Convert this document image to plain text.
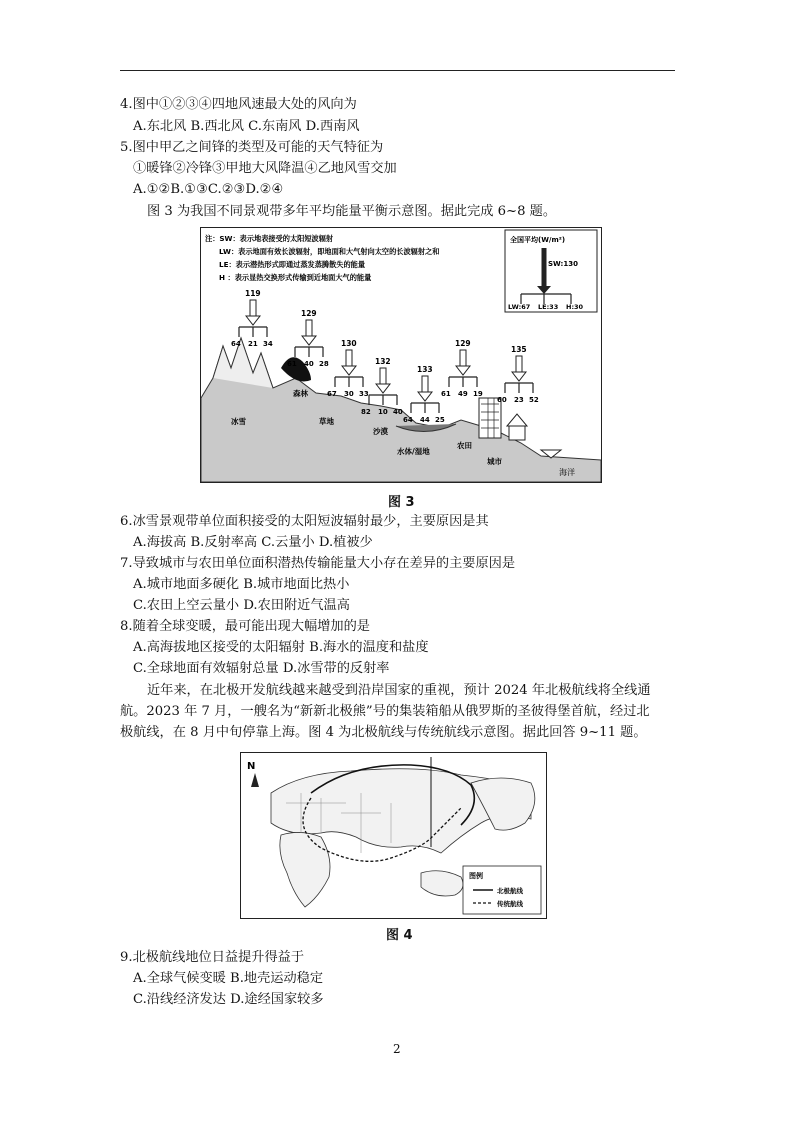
4.图中①②③④四地风速最大处的风向为
A.东北风 B.西北风 C.东南风 D.西南风
5.图中甲乙之间锋的类型及可能的天气特征为
①暖锋②冷锋③甲地大风降温④乙地风雪交加
A.①②B.①③C.②③D.②④
图 3 为我国不同景观带多年平均能量平衡示意图。据此完成 6~8 题。
注：SW：表示地表接受的太阳短波辐射
LW：表示地面有效长波辐射，即地面和大气射向太空的长波辐射之和
LE：表示潜热形式即通过蒸发蒸腾散失的能量
H ：表示显热交换形式传输到近地面大气的能量
全国平均(W/m²)
SW:130
LW:67 LE:33 H:30
海洋
119
64 21 34
冰雪
129
61 40 28
森林
130
67 30 33
草地
132
82 10 40
沙漠
133
64 44 25
水体/湿地
129
61 49 19
农田
135
60 23 52
城市
图 3
6.冰雪景观带单位面积接受的太阳短波辐射最少，主要原因是其
A.海拔高 B.反射率高 C.云量小 D.植被少
7.导致城市与农田单位面积潜热传输能量大小存在差异的主要原因是
A.城市地面多硬化 B.城市地面比热小
C.农田上空云量小 D.农田附近气温高
8.随着全球变暖，最可能出现大幅增加的是
A.高海拔地区接受的太阳辐射 B.海水的温度和盐度
C.全球地面有效辐射总量 D.冰雪带的反射率
近年来，在北极开发航线越来越受到沿岸国家的重视，预计 2024 年北极航线将全线通
航。2023 年 7 月，一艘名为“新新北极熊”号的集装箱船从俄罗斯的圣彼得堡首航，经过北
极航线，在 8 月中旬停靠上海。图 4 为北极航线与传统航线示意图。据此回答 9~11 题。
N
图例
北极航线
传统航线
图 4
9.北极航线地位日益提升得益于
A.全球气候变暖 B.地壳运动稳定
C.沿线经济发达 D.途经国家较多
2
